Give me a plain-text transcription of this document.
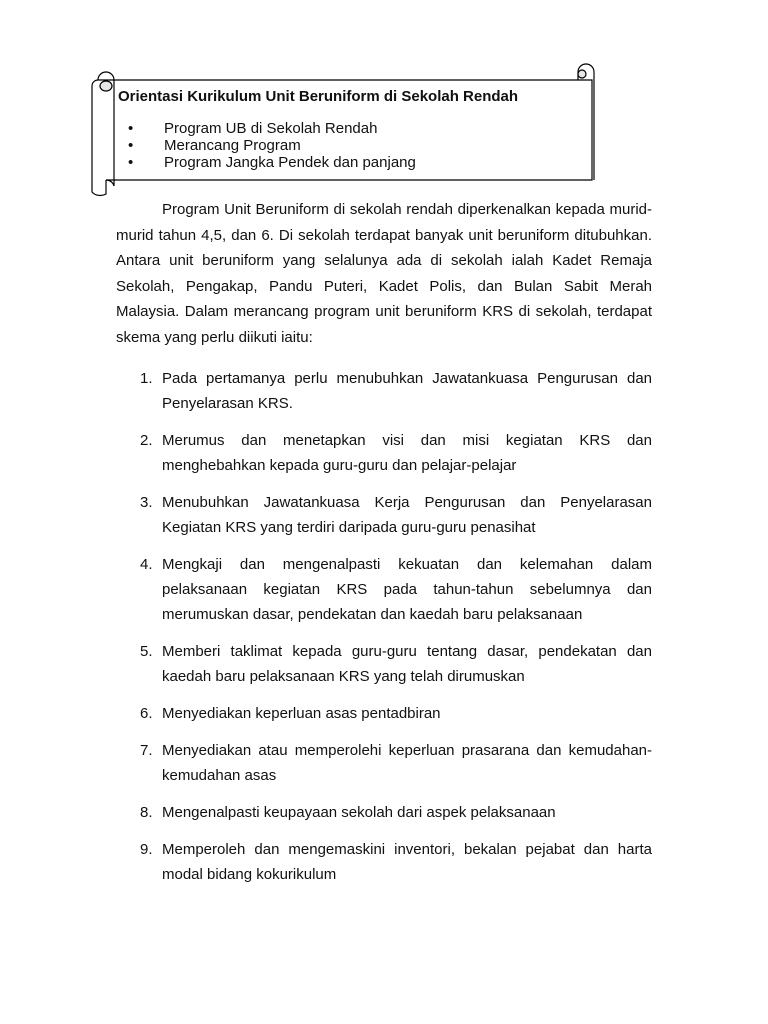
Orientasi Kurikulum Unit Beruniform di Sekolah Rendah
• Program UB di Sekolah Rendah
• Merancang Program
• Program Jangka Pendek dan panjang

Program Unit Beruniform di sekolah rendah diperkenalkan kepada murid-murid tahun 4,5, dan 6. Di sekolah terdapat banyak unit beruniform ditubuhkan. Antara unit beruniform yang selalunya ada di sekolah ialah Kadet Remaja Sekolah, Pengakap, Pandu Puteri, Kadet Polis, dan Bulan Sabit Merah Malaysia. Dalam merancang program unit beruniform KRS di sekolah, terdapat skema yang perlu diikuti iaitu:

1. Pada pertamanya perlu menubuhkan Jawatankuasa Pengurusan dan Penyelarasan KRS.
2. Merumus dan menetapkan visi dan misi kegiatan KRS dan menghebahkan kepada guru-guru dan pelajar-pelajar
3. Menubuhkan Jawatankuasa Kerja Pengurusan dan Penyelarasan Kegiatan KRS yang terdiri daripada guru-guru penasihat
4. Mengkaji dan mengenalpasti kekuatan dan kelemahan dalam pelaksanaan kegiatan KRS pada tahun-tahun sebelumnya dan merumuskan dasar, pendekatan dan kaedah baru pelaksanaan
5. Memberi taklimat kepada guru-guru tentang dasar, pendekatan dan kaedah baru pelaksanaan KRS yang telah dirumuskan
6. Menyediakan keperluan asas pentadbiran
7. Menyediakan atau memperolehi keperluan prasarana dan kemudahan-kemudahan asas
8. Mengenalpasti keupayaan sekolah dari aspek pelaksanaan
9. Memperoleh dan mengemaskini inventori, bekalan pejabat dan harta modal bidang kokurikulum
